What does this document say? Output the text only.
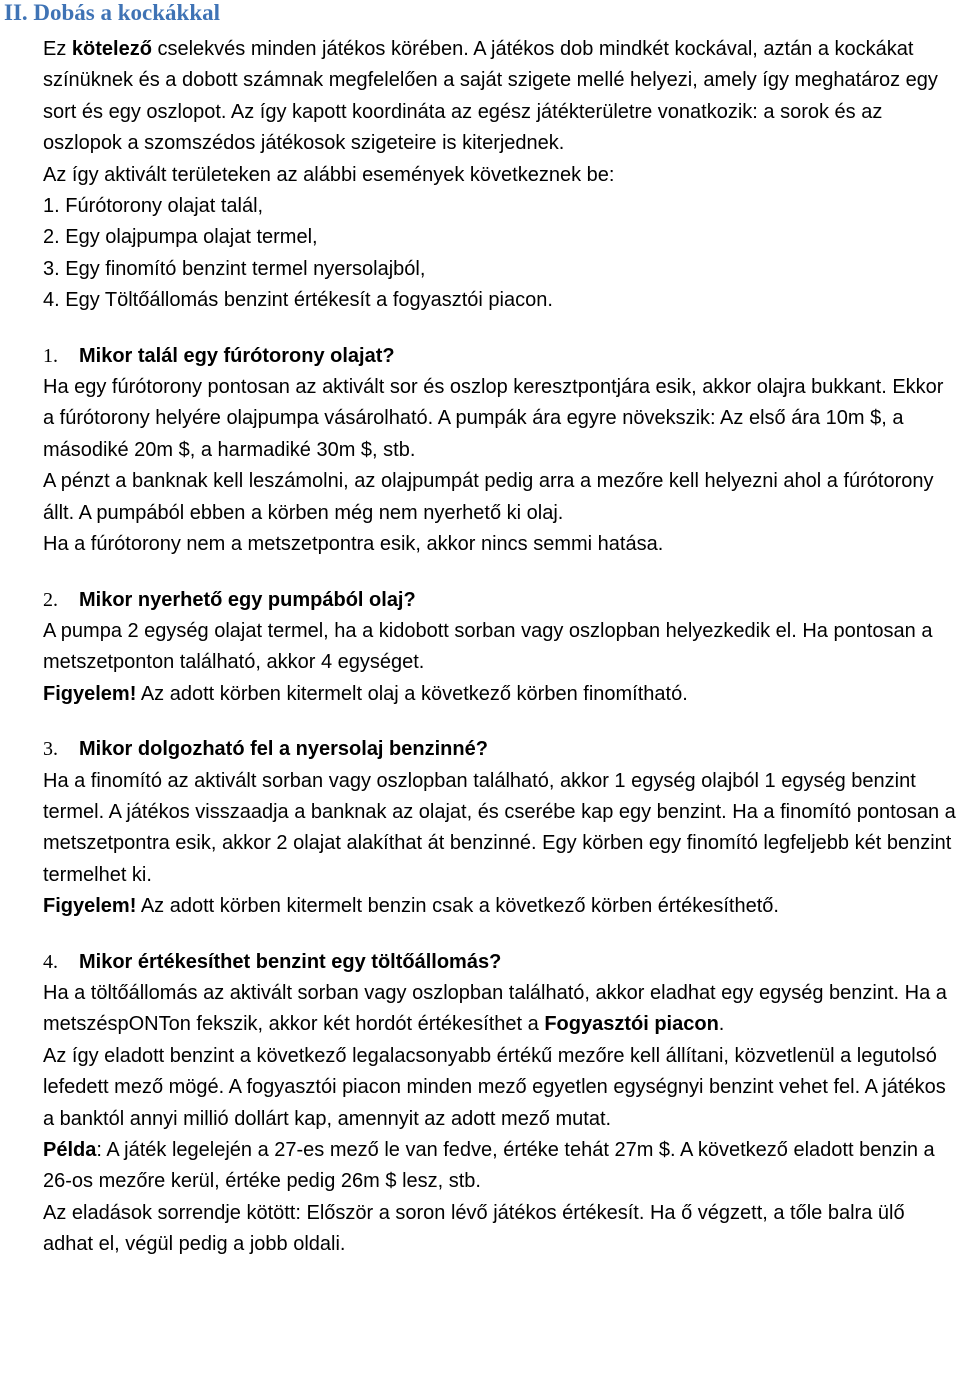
II. Dobás a kockákkal

Ez kötelező cselekvés minden játékos körében. A játékos dob mindkét kockával, aztán a kockákat színüknek és a dobott számnak megfelelően a saját szigete mellé helyezi, amely így meghatároz egy sort és egy oszlopot. Az így kapott koordináta az egész játékterületre vonatkozik: a sorok és az oszlopok a szomszédos játékosok szigeteire is kiterjednek.

Az így aktivált területeken az alábbi események következnek be:

1. Fúrótorony olajat talál,

2. Egy olajpumpa olajat termel,

3. Egy finomító benzint termel nyersolajból,

4. Egy Töltőállomás benzint értékesít a fogyasztói piacon.

1. Mikor talál egy fúrótorony olajat?

Ha egy fúrótorony pontosan az aktivált sor és oszlop keresztpontjára esik, akkor olajra bukkant. Ekkor a fúrótorony helyére olajpumpa vásárolható. A pumpák ára egyre növekszik: Az első ára 10m $, a másodiké 20m $, a harmadiké 30m $, stb.

A pénzt a banknak kell leszámolni, az olajpumpát pedig arra a mezőre kell helyezni ahol a fúrótorony állt. A pumpából ebben a körben még nem nyerhető ki olaj.

Ha a fúrótorony nem a metszetpontra esik, akkor nincs semmi hatása.

2. Mikor nyerhető egy pumpából olaj?

A pumpa 2 egység olajat termel, ha a kidobott sorban vagy oszlopban helyezkedik el. Ha pontosan a metszetponton található, akkor 4 egységet.

Figyelem! Az adott körben kitermelt olaj a következő körben finomítható.

3. Mikor dolgozható fel a nyersolaj benzinné?

Ha a finomító az aktivált sorban vagy oszlopban található, akkor 1 egység olajból 1 egység benzint termel. A játékos visszaadja a banknak az olajat, és cserébe kap egy benzint. Ha a finomító pontosan a metszetpontra esik, akkor 2 olajat alakíthat át benzinné. Egy körben egy finomító legfeljebb két benzint termelhet ki.

Figyelem! Az adott körben kitermelt benzin csak a következő körben értékesíthető.

4. Mikor értékesíthet benzint egy töltőállomás?

Ha a töltőállomás az aktivált sorban vagy oszlopban található, akkor eladhat egy egység benzint. Ha a metszéspONTon fekszik, akkor két hordót értékesíthet a Fogyasztói piacon.

Az így eladott benzint a következő legalacsonyabb értékű mezőre kell állítani, közvetlenül a legutolsó lefedett mező mögé. A fogyasztói piacon minden mező egyetlen egységnyi benzint vehet fel. A játékos a banktól annyi millió dollárt kap, amennyit az adott mező mutat.

Példa: A játék legelején a 27-es mező le van fedve, értéke tehát 27m $. A következő eladott benzin a 26-os mezőre kerül, értéke pedig 26m $ lesz, stb.

Az eladások sorrendje kötött: Először a soron lévő játékos értékesít. Ha ő végzett, a tőle balra ülő adhat el, végül pedig a jobb oldali.
